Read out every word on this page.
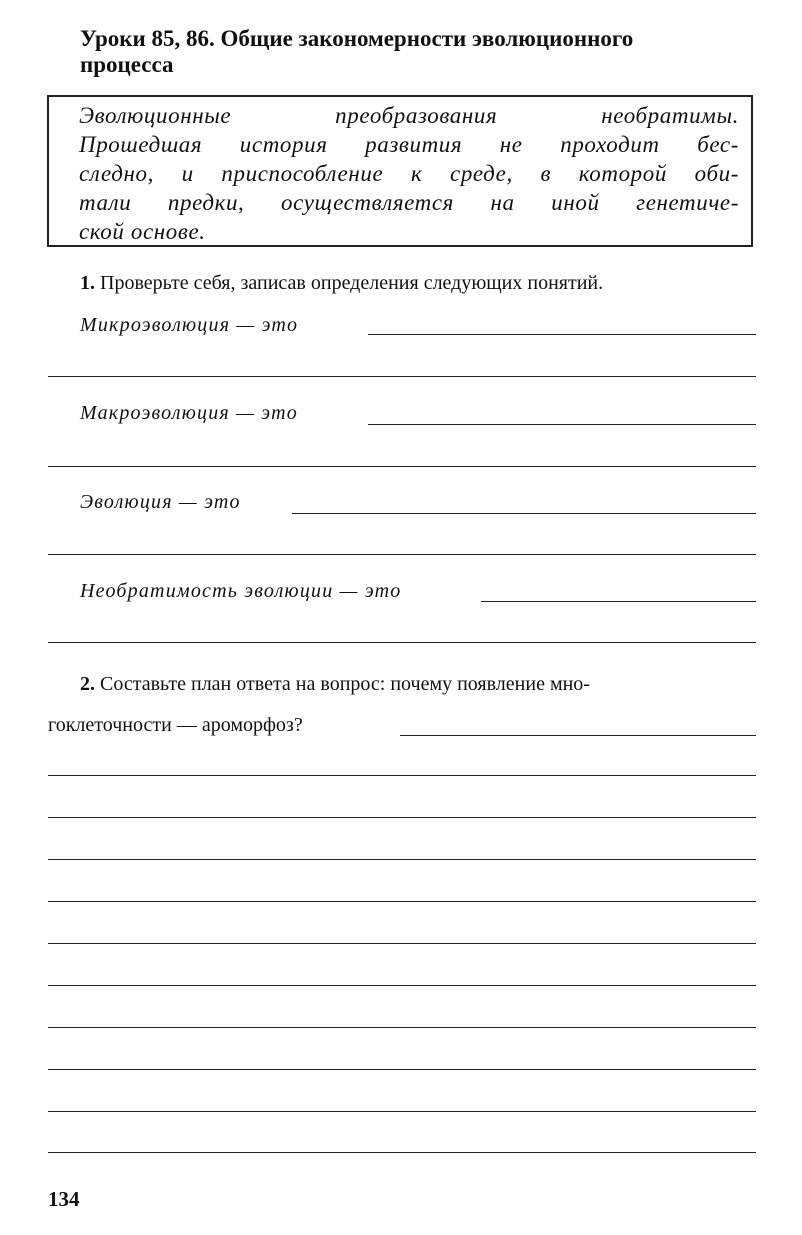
Уроки 85, 86. Общие закономерности эволюционного
процесса
Эволюционные преобразования необратимы.
Прошедшая история развития не проходит бес-
следно, и приспособление к среде, в которой оби-
тали предки, осуществляется на иной генетиче-
ской основе.
1. Проверьте себя, записав определения следующих понятий.
Микроэволюция — это
Макроэволюция — это
Эволюция — это
Необратимость эволюции — это
2. Составьте план ответа на вопрос: почему появление мно-
гоклеточности — ароморфоз?
134
